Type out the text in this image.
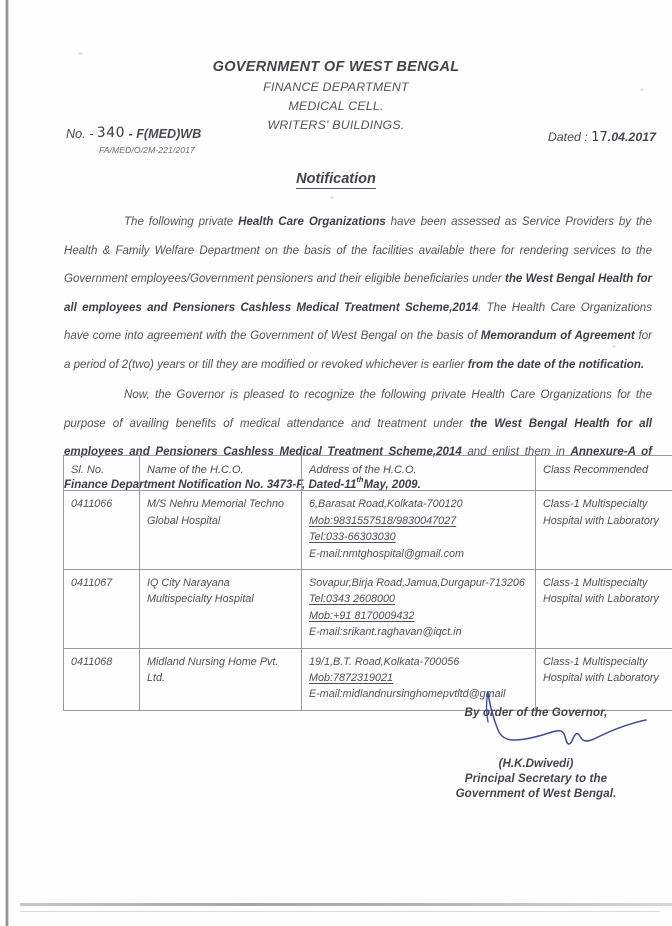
GOVERNMENT OF WEST BENGAL
FINANCE DEPARTMENT
MEDICAL CELL.
WRITERS' BUILDINGS.
No. - 340 - F(MED)WB
FA/MED/O/2M-221/2017
Dated : 17.04.2017
Notification

The following private Health Care Organizations have been assessed as Service Providers by the Health & Family Welfare Department on the basis of the facilities available there for rendering services to the Government employees/Government pensioners and their eligible beneficiaries under the West Bengal Health for all employees and Pensioners Cashless Medical Treatment Scheme,2014. The Health Care Organizations have come into agreement with the Government of West Bengal on the basis of Memorandum of Agreement for a period of 2(two) years or till they are modified or revoked whichever is earlier from the date of the notification.

Now, the Governor is pleased to recognize the following private Health Care Organizations for the purpose of availing benefits of medical attendance and treatment under the West Bengal Health for all employees and Pensioners Cashless Medical Treatment Scheme,2014 and enlist them in Annexure-A of Finance Department Notification No. 3473-F, Dated-11thMay, 2009.

Sl. No.	Name of the H.C.O.	Address of the H.C.O.	Class Recommended
0411066	M/S Nehru Memorial Techno Global Hospital	6,Barasat Road,Kolkata-700120
Mob:9831557518/9830047027
Tel:033-66303030
E-mail:nmtghospital@gmail.com	Class-1 Multispecialty Hospital with Laboratory
0411067	IQ City Narayana Multispecialty Hospital	Sovapur,Birja Road,Jamua,Durgapur-713206
Tel:0343 2608000
Mob:+91 8170009432
E-mail:srikant.raghavan@iqct.in	Class-1 Multispecialty Hospital with Laboratory
0411068	Midland Nursing Home Pvt. Ltd.	19/1,B.T. Road,Kolkata-700056
Mob:7872319021
E-mail:midlandnursinghomepvtltd@gmail	Class-1 Multispecialty Hospital with Laboratory
By order of the Governor,
(H.K.Dwivedi)
Principal Secretary to the
Government of West Bengal.
